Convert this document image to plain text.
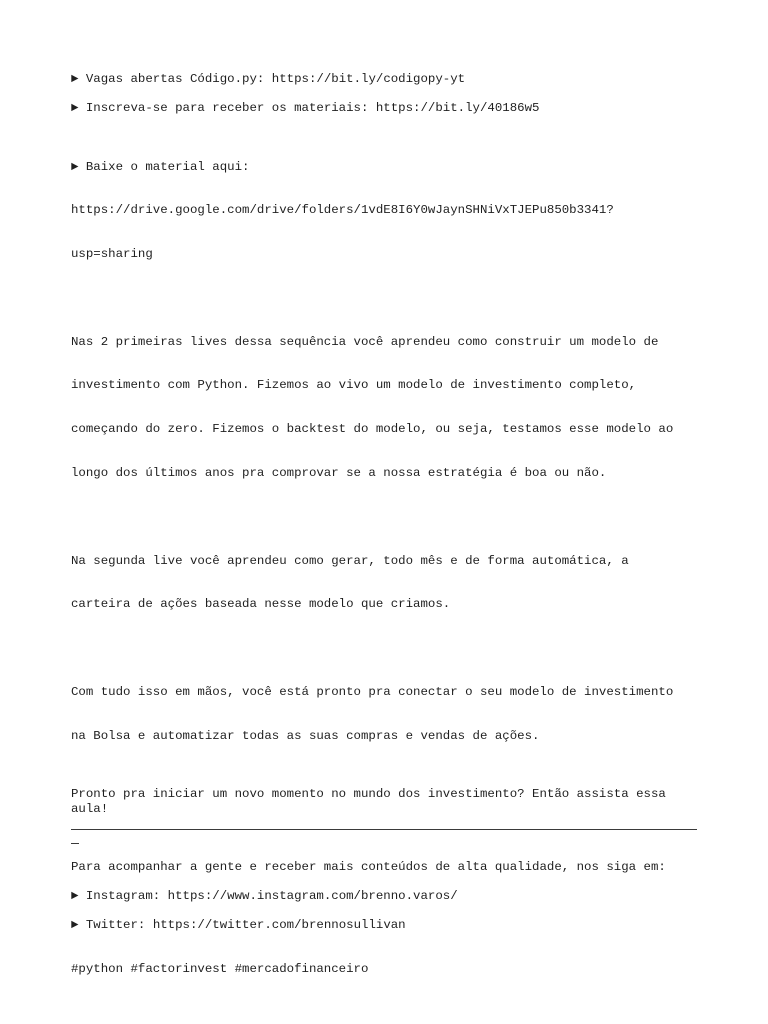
► Vagas abertas Código.py: https://bit.ly/codigopy-yt
► Inscreva-se para receber os materiais: https://bit.ly/40186w5

► Baixe o material aqui:

https://drive.google.com/drive/folders/1vdE8I6Y0wJaynSHNiVxTJEPu850b3341?

usp=sharing

Nas 2 primeiras lives dessa sequência você aprendeu como construir um modelo de

investimento com Python. Fizemos ao vivo um modelo de investimento completo,

começando do zero. Fizemos o backtest do modelo, ou seja, testamos esse modelo ao

longo dos últimos anos pra comprovar se a nossa estratégia é boa ou não.

Na segunda live você aprendeu como gerar, todo mês e de forma automática, a

carteira de ações baseada nesse modelo que criamos.

Com tudo isso em mãos, você está pronto pra conectar o seu modelo de investimento

na Bolsa e automatizar todas as suas compras e vendas de ações.

Pronto pra iniciar um novo momento no mundo dos investimento? Então assista essa
aula!
Para acompanhar a gente e receber mais conteúdos de alta qualidade, nos siga em:
► Instagram: https://www.instagram.com/brenno.varos/
► Twitter: https://twitter.com/brennosullivan
#python #factorinvest #mercadofinanceiro
